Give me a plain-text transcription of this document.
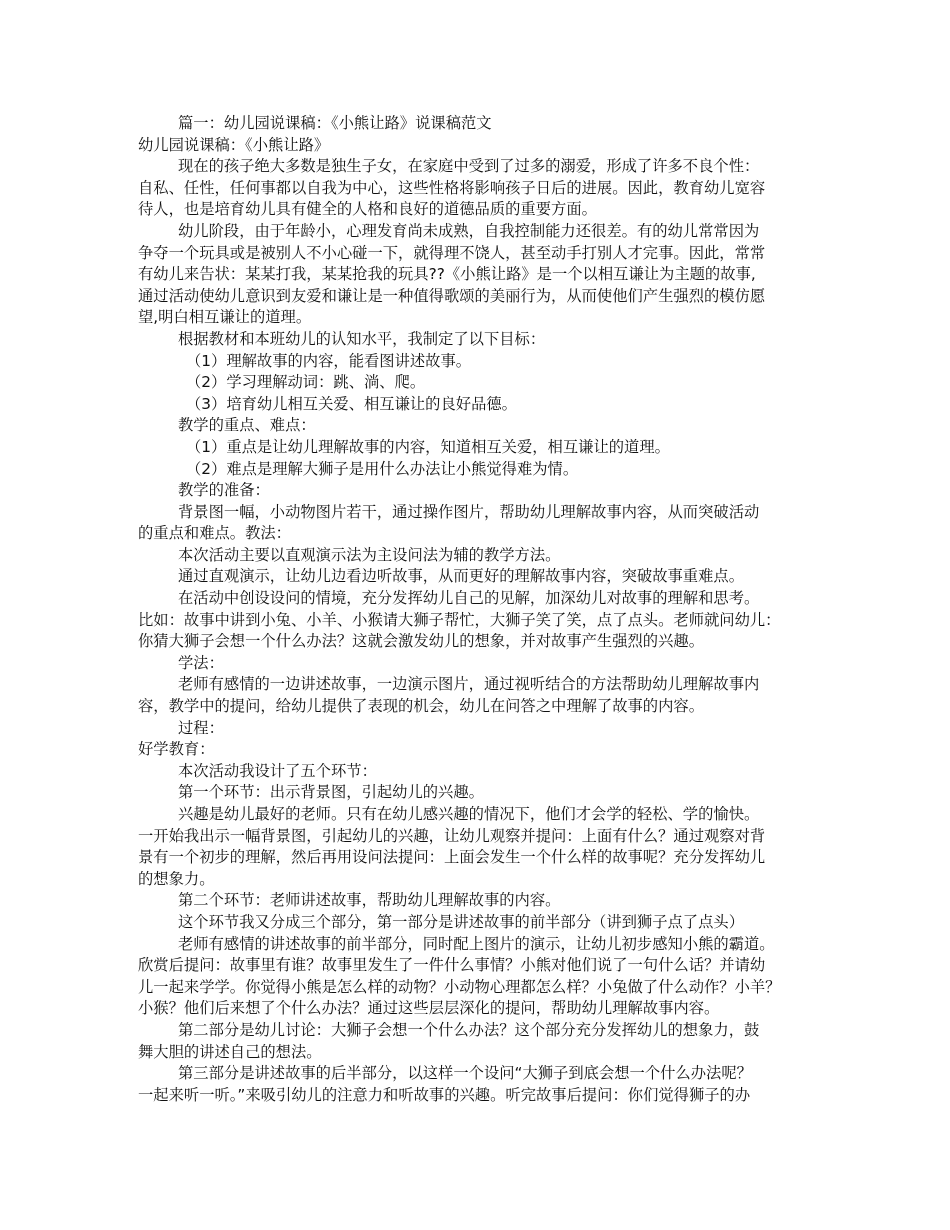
篇一：幼儿园说课稿：《小熊让路》说课稿范文

幼儿园说课稿：《小熊让路》

现在的孩子绝大多数是独生子女，在家庭中受到了过多的溺爱，形成了许多不良个性：

自私、任性，任何事都以自我为中心，这些性格将影响孩子日后的进展。因此，教育幼儿宽容

待人，也是培育幼儿具有健全的人格和良好的道德品质的重要方面。

幼儿阶段，由于年龄小，心理发育尚未成熟，自我控制能力还很差。有的幼儿常常因为

争夺一个玩具或是被别人不小心碰一下，就得理不饶人，甚至动手打别人才完事。因此，常常

有幼儿来告状：某某打我，某某抢我的玩具??《小熊让路》是一个以相互谦让为主题的故事,

通过活动使幼儿意识到友爱和谦让是一种值得歌颂的美丽行为，从而使他们产生强烈的模仿愿

望,明白相互谦让的道理。

根据教材和本班幼儿的认知水平，我制定了以下目标：

（1）理解故事的内容，能看图讲述故事。

（2）学习理解动词：跳、淌、爬。

（3）培育幼儿相互关爱、相互谦让的良好品德。

教学的重点、难点：

（1）重点是让幼儿理解故事的内容，知道相互关爱，相互谦让的道理。

（2）难点是理解大狮子是用什么办法让小熊觉得难为情。

教学的准备：

背景图一幅，小动物图片若干，通过操作图片，帮助幼儿理解故事内容，从而突破活动

的重点和难点。教法：

本次活动主要以直观演示法为主设问法为辅的教学方法。

通过直观演示，让幼儿边看边听故事，从而更好的理解故事内容，突破故事重难点。

在活动中创设设问的情境，充分发挥幼儿自己的见解，加深幼儿对故事的理解和思考。

比如：故事中讲到小兔、小羊、小猴请大狮子帮忙，大狮子笑了笑，点了点头。老师就问幼儿：

你猜大狮子会想一个什么办法？这就会激发幼儿的想象，并对故事产生强烈的兴趣。

学法：

老师有感情的一边讲述故事，一边演示图片，通过视听结合的方法帮助幼儿理解故事内

容，教学中的提问，给幼儿提供了表现的机会，幼儿在问答之中理解了故事的内容。

过程：

好学教育：

本次活动我设计了五个环节：

第一个环节：出示背景图，引起幼儿的兴趣。

兴趣是幼儿最好的老师。只有在幼儿感兴趣的情况下，他们才会学的轻松、学的愉快。

一开始我出示一幅背景图，引起幼儿的兴趣，让幼儿观察并提问：上面有什么？通过观察对背

景有一个初步的理解，然后再用设问法提问：上面会发生一个什么样的故事呢？充分发挥幼儿

的想象力。

第二个环节：老师讲述故事，帮助幼儿理解故事的内容。

这个环节我又分成三个部分，第一部分是讲述故事的前半部分（讲到狮子点了点头）

老师有感情的讲述故事的前半部分，同时配上图片的演示，让幼儿初步感知小熊的霸道。

欣赏后提问：故事里有谁？故事里发生了一件什么事情？小熊对他们说了一句什么话？并请幼

儿一起来学学。你觉得小熊是怎么样的动物？小动物心理都怎么样？小兔做了什么动作？小羊？

小猴？他们后来想了个什么办法？通过这些层层深化的提问，帮助幼儿理解故事内容。

第二部分是幼儿讨论：大狮子会想一个什么办法？这个部分充分发挥幼儿的想象力，鼓

舞大胆的讲述自己的想法。

第三部分是讲述故事的后半部分，以这样一个设问“大狮子到底会想一个什么办法呢？

一起来听一听。”来吸引幼儿的注意力和听故事的兴趣。听完故事后提问：你们觉得狮子的办
